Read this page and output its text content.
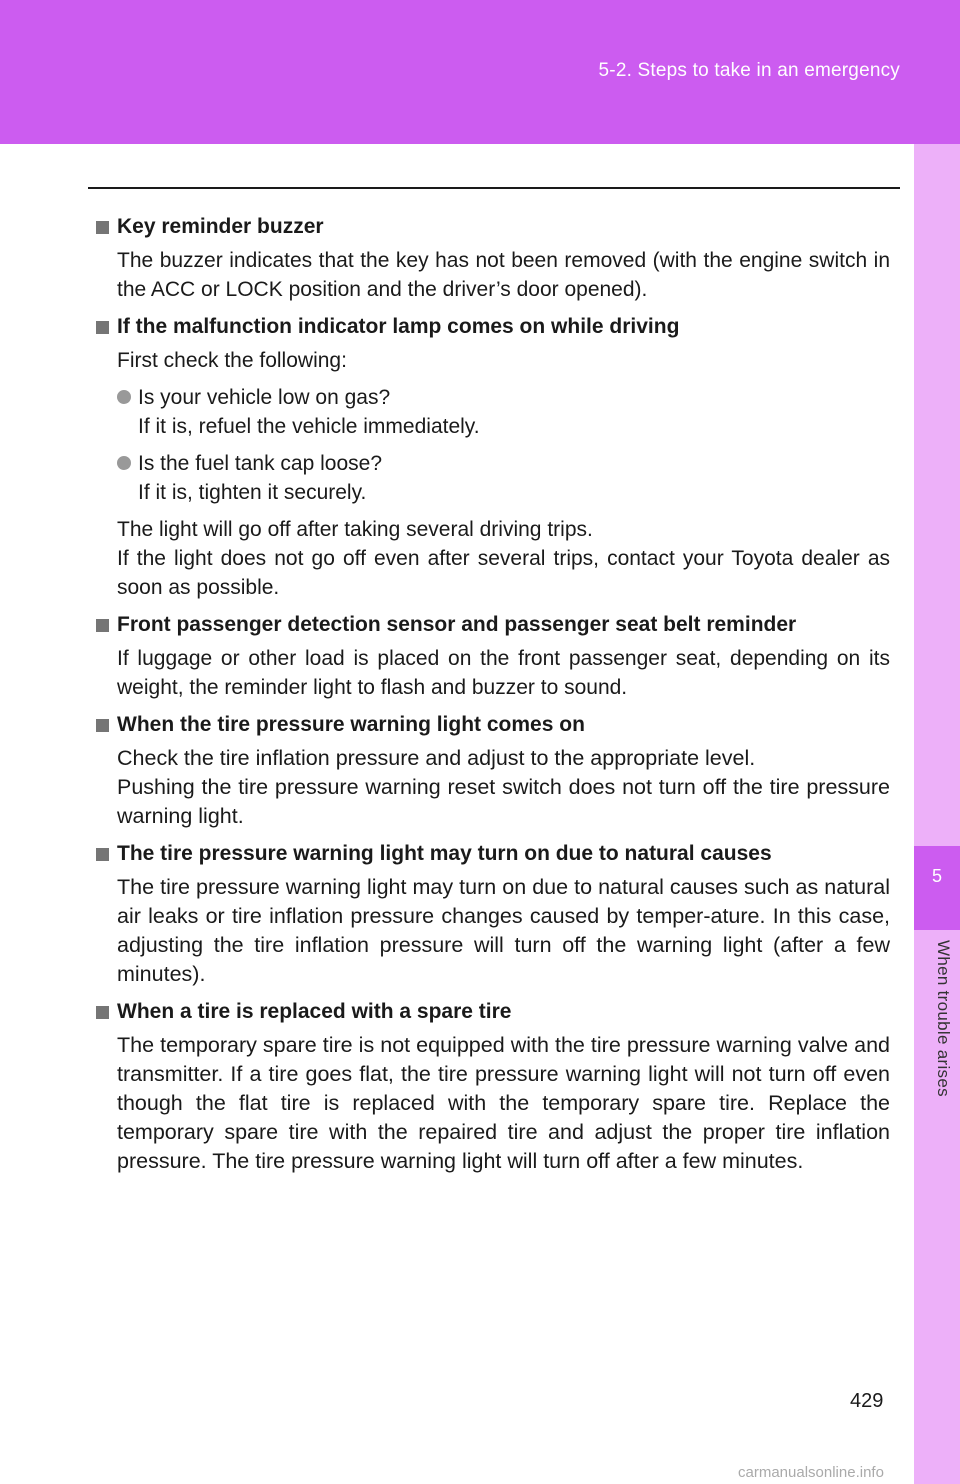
5-2. Steps to take in an emergency
5
When trouble arises
Key reminder buzzer

The buzzer indicates that the key has not been removed (with the engine switch in the ACC or LOCK position and the driver’s door opened).

If the malfunction indicator lamp comes on while driving

First check the following:

Is your vehicle low on gas?
If it is, refuel the vehicle immediately.
Is the fuel tank cap loose?
If it is, tighten it securely.

The light will go off after taking several driving trips.

If the light does not go off even after several trips, contact your Toyota dealer as soon as possible.

Front passenger detection sensor and passenger seat belt reminder

If luggage or other load is placed on the front passenger seat, depending on its weight, the reminder light to flash and buzzer to sound.

When the tire pressure warning light comes on

Check the tire inflation pressure and adjust to the appropriate level.

Pushing the tire pressure warning reset switch does not turn off the tire pressure warning light.

The tire pressure warning light may turn on due to natural causes

The tire pressure warning light may turn on due to natural causes such as natural air leaks or tire inflation pressure changes caused by temper-ature. In this case, adjusting the tire inflation pressure will turn off the warning light (after a few minutes).

When a tire is replaced with a spare tire

The temporary spare tire is not equipped with the tire pressure warning valve and transmitter. If a tire goes flat, the tire pressure warning light will not turn off even though the flat tire is replaced with the temporary spare tire. Replace the temporary spare tire with the repaired tire and adjust the proper tire inflation pressure. The tire pressure warning light will turn off after a few minutes.

429
carmanualsonline.info
